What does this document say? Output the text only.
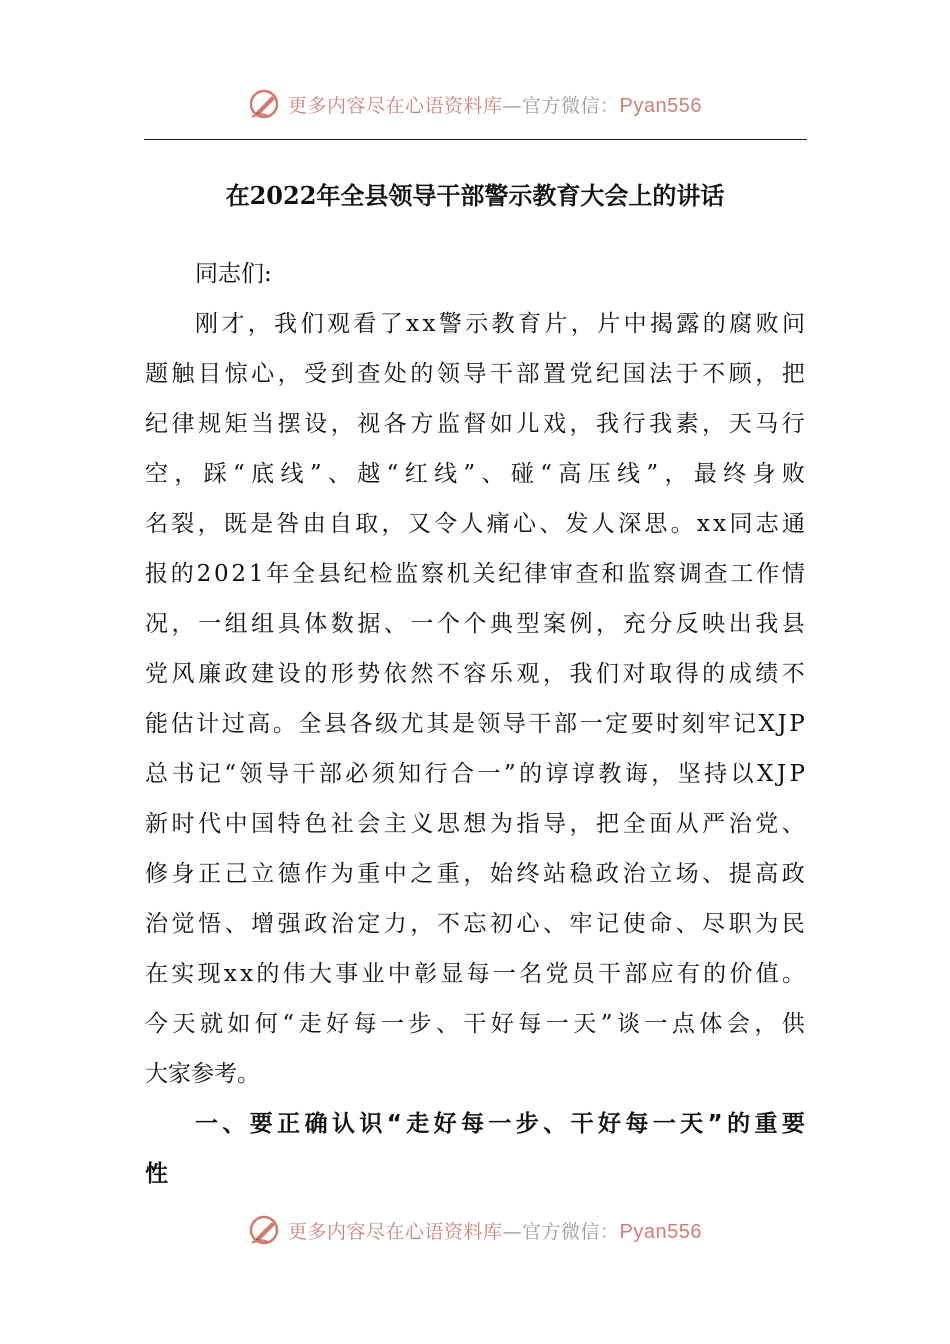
更多内容尽在心语资料库—官方微信：Pyan556
在2022年全县领导干部警示教育大会上的讲话
同志们:
刚 才 ， 我 们 观 看 了 x x 警 示 教 育 片 ， 片 中 揭 露 的 腐 败 问
题 触 目 惊 心 ， 受 到 查 处 的 领 导 干 部 置 党 纪 国 法 于 不 顾 ， 把
纪 律 规 矩 当 摆 设 ， 视 各 方 监 督 如 儿 戏 ， 我 行 我 素 ， 天 马 行
空 ， 踩 “ 底 线 ” 、 越 “ 红 线 ” 、 碰 “ 高 压 线 ” ， 最 终 身 败
名 裂 ， 既 是 咎 由 自 取 ， 又 令 人 痛 心 、 发 人 深 思 。 x x 同 志 通
报 的 2 0 2 1 年 全 县 纪 检 监 察 机 关 纪 律 审 查 和 监 察 调 查 工 作 情
况 ， 一 组 组 具 体 数 据 、 一 个 个 典 型 案 例 ， 充 分 反 映 出 我 县
党 风 廉 政 建 设 的 形 势 依 然 不 容 乐 观 ， 我 们 对 取 得 的 成 绩 不
能 估 计 过 高 。 全 县 各 级 尤 其 是 领 导 干 部 一 定 要 时 刻 牢 记 X J P
总 书 记 “ 领 导 干 部 必 须 知 行 合 一 ” 的 谆 谆 教 诲 ， 坚 持 以 X J P
新 时 代 中 国 特 色 社 会 主 义 思 想 为 指 导 ， 把 全 面 从 严 治 党 、
修 身 正 己 立 德 作 为 重 中 之 重 ， 始 终 站 稳 政 治 立 场 、 提 高 政
治 觉 悟 、 增 强 政 治 定 力 ， 不 忘 初 心 、 牢 记 使 命 、 尽 职 为 民
在 实 现 x x 的 伟 大 事 业 中 彰 显 每 一 名 党 员 干 部 应 有 的 价 值 。
今 天 就 如 何 “ 走 好 每 一 步 、 干 好 每 一 天 ” 谈 一 点 体 会 ， 供
大家参考。
一 、 要 正 确 认 识 “ 走 好 每 一 步 、 干 好 每 一 天 ” 的 重 要
性
更多内容尽在心语资料库—官方微信：Pyan556
